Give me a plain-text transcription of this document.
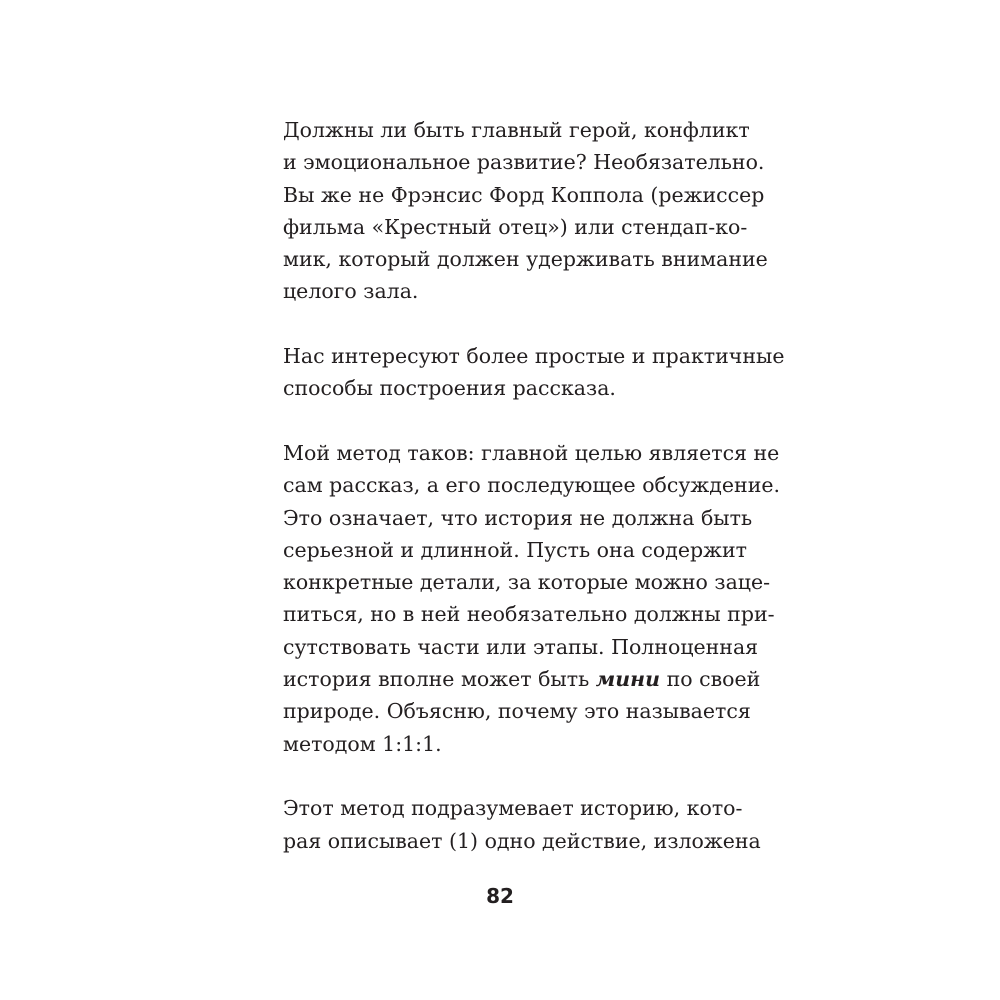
Должны ли быть главный герой, конфликт
и эмоциональное развитие? Необязательно.
Вы же не Фрэнсис Форд Коппола (режиссер
фильма «Крестный отец») или стендап-ко-
мик, который должен удерживать внимание
целого зала.

Нас интересуют более простые и практичные
способы построения рассказа.

Мой метод таков: главной целью является не
сам рассказ, а его последующее обсуждение.
Это означает, что история не должна быть
серьезной и длинной. Пусть она содержит
конкретные детали, за которые можно заце-
питься, но в ней необязательно должны при-
сутствовать части или этапы. Полноценная
история вполне может быть мини по своей
природе. Объясню, почему это называется
методом 1:1:1.

Этот метод подразумевает историю, кото-
рая описывает (1) одно действие, изложена

82
